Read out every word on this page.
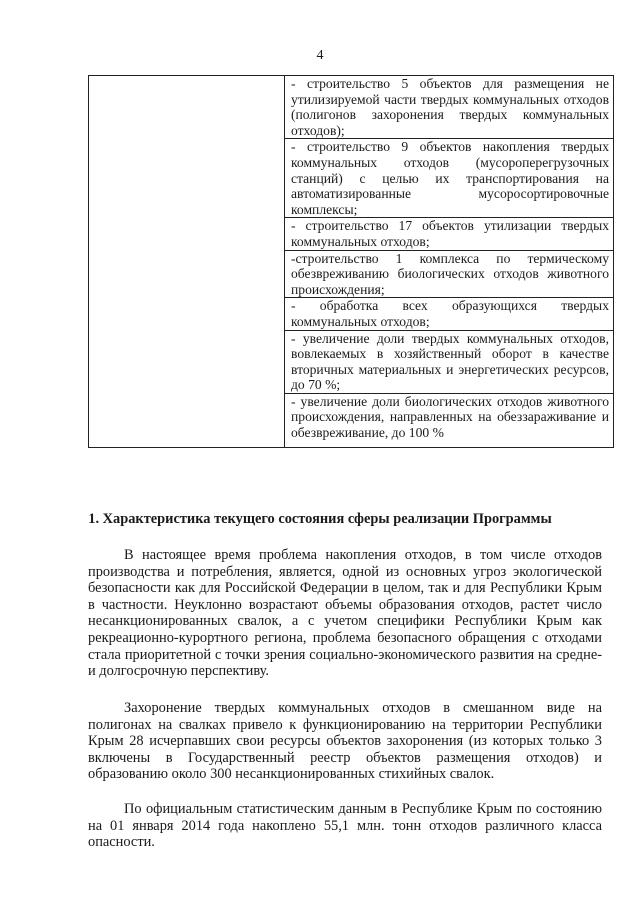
4

- строительство 5 объектов для размещения не утилизируемой части твердых коммунальных отходов (полигонов захоронения твердых коммунальных отходов);
- строительство 9 объектов накопления твердых коммунальных отходов (мусороперегрузочных станций) с целью их транспортирования на автоматизированные мусоросортировочные комплексы;
- строительство 17 объектов утилизации твердых коммунальных отходов;
-строительство 1 комплекса по термическому обезвреживанию биологических отходов животного происхождения;
- обработка всех образующихся твердых коммунальных отходов;
- увеличение доли твердых коммунальных отходов, вовлекаемых в хозяйственный оборот в качестве вторичных материальных и энергетических ресурсов, до 70 %;
- увеличение доли биологических отходов животного происхождения, направленных на обеззараживание и обезвреживание, до 100 %
1. Характеристика текущего состояния сферы реализации Программы

В настоящее время проблема накопления отходов, в том числе отходов производства и потребления, является, одной из основных угроз экологической безопасности как для Российской Федерации в целом, так и для Республики Крым в частности. Неуклонно возрастают объемы образования отходов, растет число несанкционированных свалок, а с учетом специфики Республики Крым как рекреационно-курортного региона, проблема безопасного обращения с отходами стала приоритетной с точки зрения социально-экономического развития на средне- и долгосрочную перспективу.

Захоронение твердых коммунальных отходов в смешанном виде на полигонах на свалках привело к функционированию на территории Республики Крым 28 исчерпавших свои ресурсы объектов захоронения (из которых только 3 включены в Государственный реестр объектов размещения отходов) и образованию около 300 несанкционированных стихийных свалок.

По официальным статистическим данным в Республике Крым по состоянию на 01 января 2014 года накоплено 55,1 млн. тонн отходов различного класса опасности.
